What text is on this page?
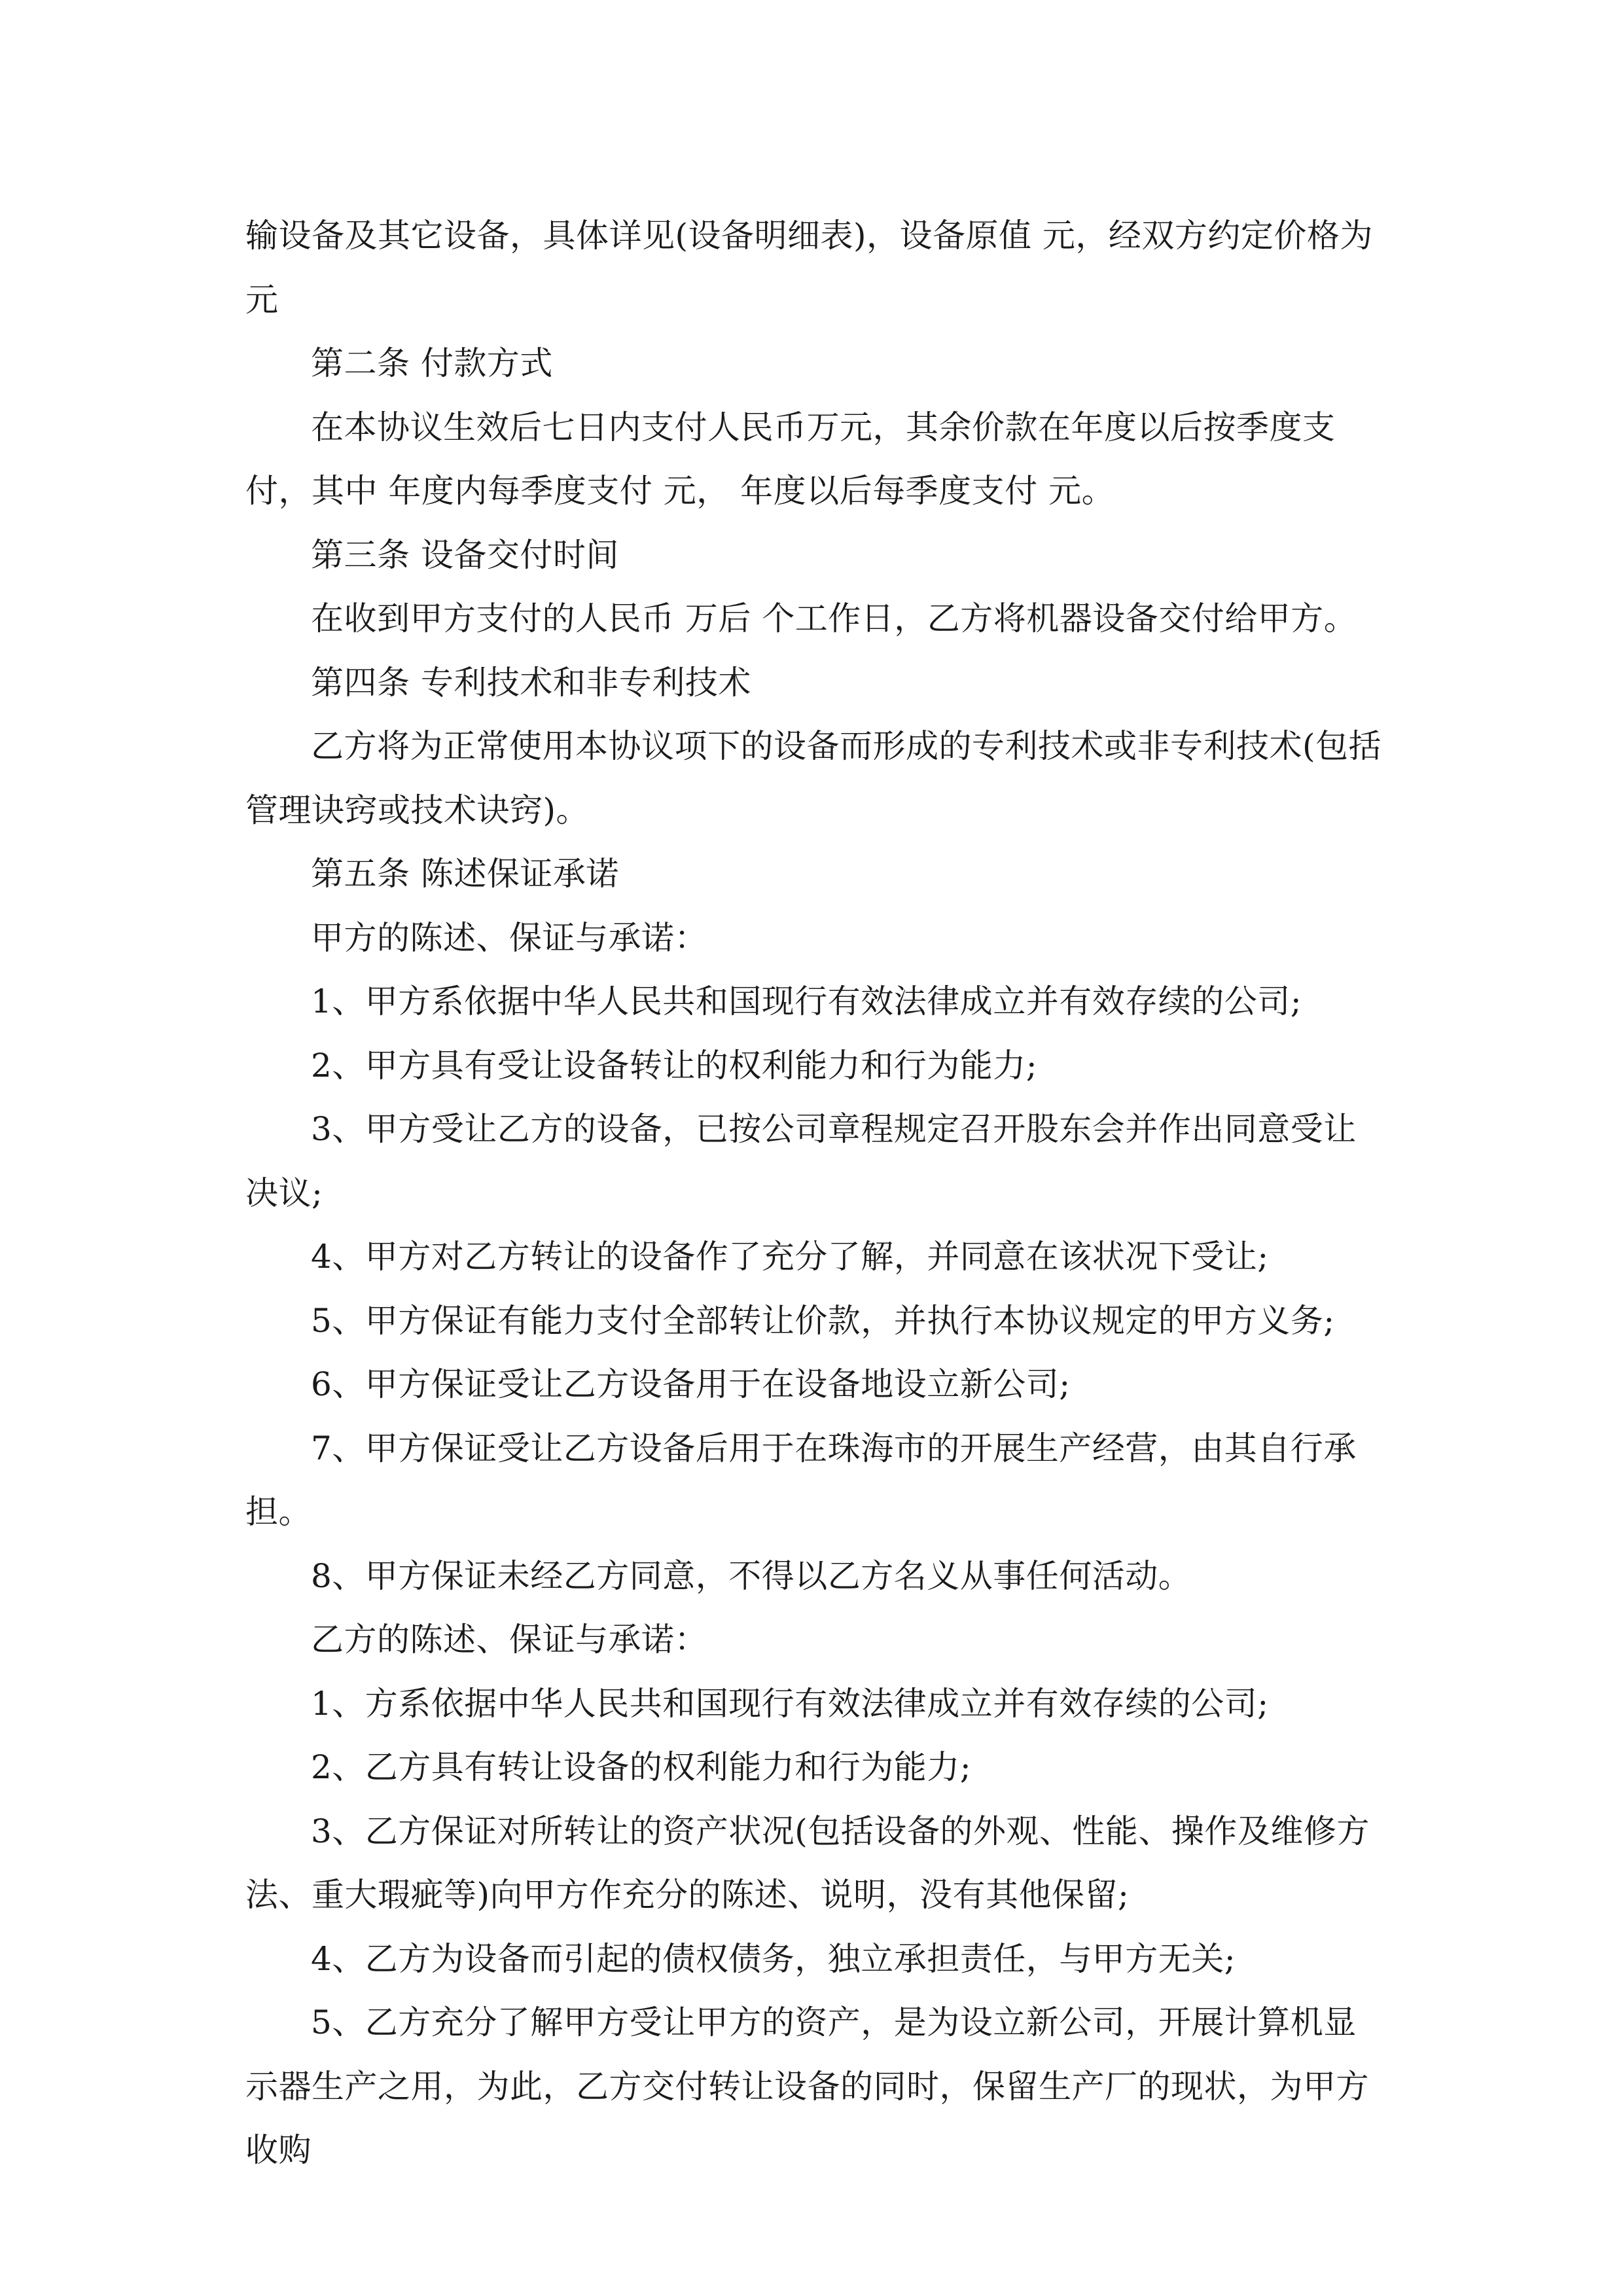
输设备及其它设备，具体详见(设备明细表)，设备原值 元，经双方约定价格为元

第二条 付款方式

在本协议生效后七日内支付人民币万元，其余价款在年度以后按季度支付，其中 年度内每季度支付 元， 年度以后每季度支付 元。

第三条 设备交付时间

在收到甲方支付的人民币 万后 个工作日，乙方将机器设备交付给甲方。

第四条 专利技术和非专利技术

乙方将为正常使用本协议项下的设备而形成的专利技术或非专利技术(包括管理诀窍或技术诀窍)。

第五条 陈述保证承诺

甲方的陈述、保证与承诺：

1、甲方系依据中华人民共和国现行有效法律成立并有效存续的公司;

2、甲方具有受让设备转让的权利能力和行为能力;

3、甲方受让乙方的设备，已按公司章程规定召开股东会并作出同意受让决议;

4、甲方对乙方转让的设备作了充分了解，并同意在该状况下受让;

5、甲方保证有能力支付全部转让价款，并执行本协议规定的甲方义务;

6、甲方保证受让乙方设备用于在设备地设立新公司;

7、甲方保证受让乙方设备后用于在珠海市的开展生产经营，由其自行承担。

8、甲方保证未经乙方同意，不得以乙方名义从事任何活动。

乙方的陈述、保证与承诺：

1、方系依据中华人民共和国现行有效法律成立并有效存续的公司;

2、乙方具有转让设备的权利能力和行为能力;

3、乙方保证对所转让的资产状况(包括设备的外观、性能、操作及维修方法、重大瑕疵等)向甲方作充分的陈述、说明，没有其他保留;

4、乙方为设备而引起的债权债务，独立承担责任，与甲方无关;

5、乙方充分了解甲方受让甲方的资产，是为设立新公司，开展计算机显示器生产之用，为此，乙方交付转让设备的同时，保留生产厂的现状，为甲方收购
